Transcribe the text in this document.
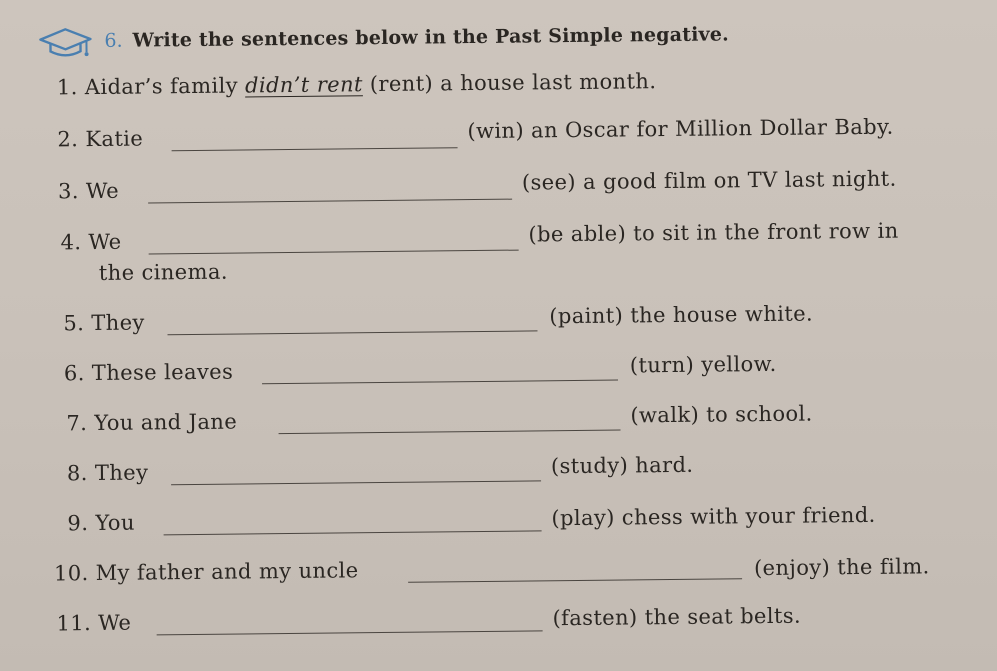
6. Write the sentences below in the Past Simple negative.
1. Aidar’s family didn’t rent (rent) a house last month.
2. Katie	(win) an Oscar for Million Dollar Baby.
3. We	(see) a good film on TV last night.
4. We	(be able) to sit in the front row in
the cinema.
5. They	(paint) the house white.
6. These leaves	(turn) yellow.
7. You and Jane	(walk) to school.
8. They	(study) hard.
9. You	(play) chess with your friend.
10. My father and my uncle	(enjoy) the film.
11. We	(fasten) the seat belts.
